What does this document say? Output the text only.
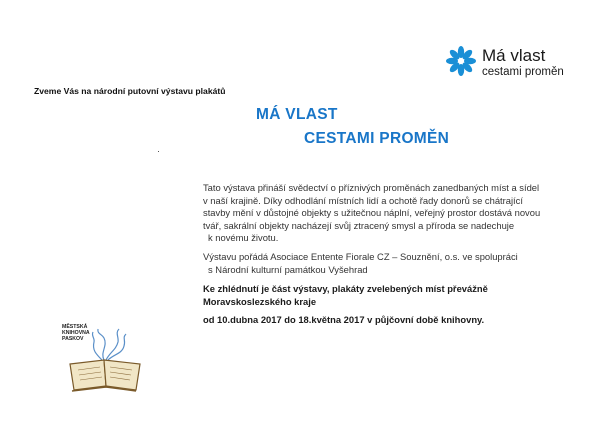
Má vlast
cestami proměn
Zveme Vás na národní putovní výstavu plakátů
MÁ VLAST
CESTAMI PROMĚN
Tato výstava přináší svědectví o příznivých proměnách zanedbaných míst a sídel
v naší krajině. Díky odhodlání místních lidí a ochotě řady donorů se chátrající
stavby mění v důstojné objekty s užitečnou náplní, veřejný prostor dostává novou
tvář, sakrální objekty nacházejí svůj ztracený smysl a příroda se nadechuje
k novému životu.
Výstavu pořádá Asociace Entente Fiorale CZ – Souznění, o.s. ve spolupráci
s Národní kulturní památkou Vyšehrad
Ke zhlédnutí je část výstavy, plakáty zvelebených míst převážně
Moravskoslezského kraje
od 10.dubna 2017 do 18.května 2017 v půjčovní době knihovny.
MĚSTSKÁ
KNIHOVNA
PASKOV
